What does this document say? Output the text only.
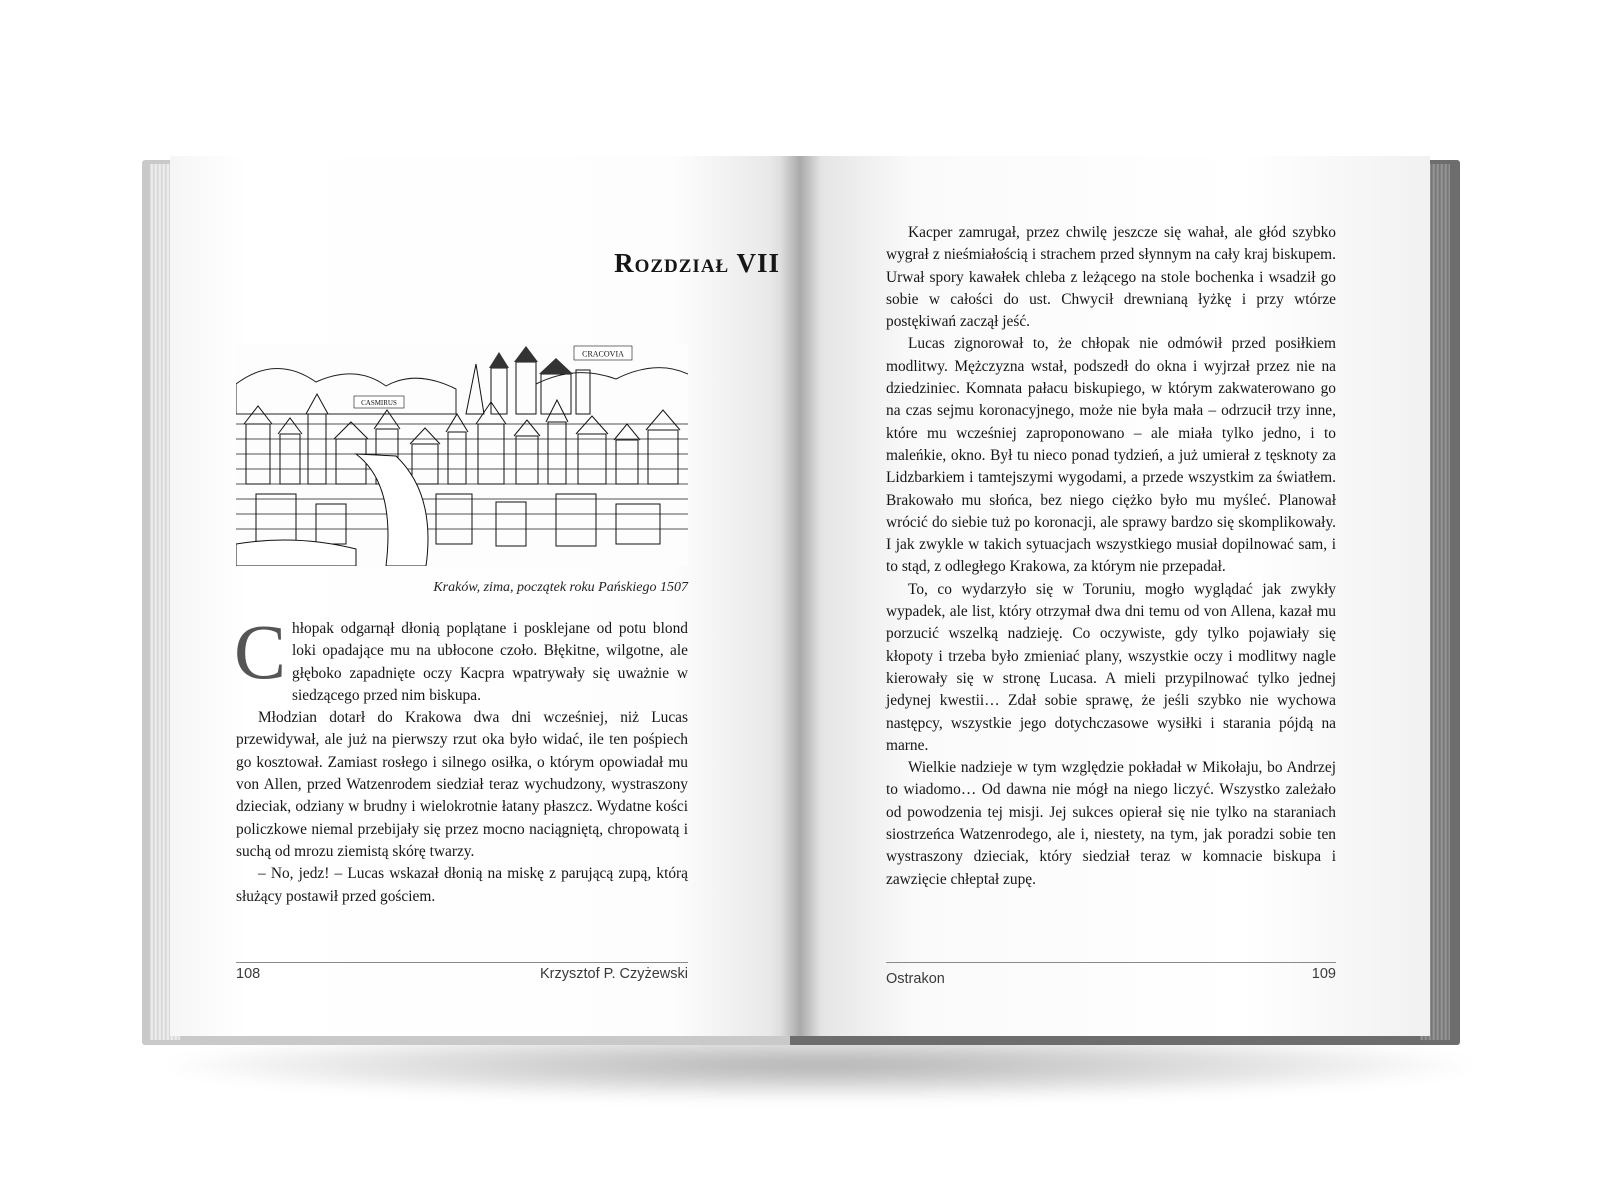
Rozdział VII
CRACOVIA
CASMIRUS
Kraków, zima, początek roku Pańskiego 1507

Chłopak odgarnął dłonią poplątane i posklejane od potu blond loki opadające mu na ubłocone czoło. Błękitne, wilgotne, ale głęboko zapadnięte oczy Kacpra wpatrywały się uważnie w siedzącego przed nim biskupa.

Młodzian dotarł do Krakowa dwa dni wcześniej, niż Lucas przewidywał, ale już na pierwszy rzut oka było widać, ile ten pośpiech go kosztował. Zamiast rosłego i silnego osiłka, o którym opowiadał mu von Allen, przed Watzenrodem siedział teraz wychudzony, wystraszony dzieciak, odziany w brudny i wielokrotnie łatany płaszcz. Wydatne kości policzkowe niemal przebijały się przez mocno naciągniętą, chropowatą i suchą od mrozu ziemistą skórę twarzy.

– No, jedz! – Lucas wskazał dłonią na miskę z parującą zupą, którą służący postawił przed gościem.

108	Krzysztof P. Czyżewski

Kacper zamrugał, przez chwilę jeszcze się wahał, ale głód szybko wygrał z nieśmiałością i strachem przed słynnym na cały kraj biskupem. Urwał spory kawałek chleba z leżącego na stole bochenka i wsadził go sobie w całości do ust. Chwycił drewnianą łyżkę i przy wtórze postękiwań zaczął jeść.

Lucas zignorował to, że chłopak nie odmówił przed posiłkiem modlitwy. Mężczyzna wstał, podszedł do okna i wyjrzał przez nie na dziedziniec. Komnata pałacu biskupiego, w którym zakwaterowano go na czas sejmu koronacyjnego, może nie była mała – odrzucił trzy inne, które mu wcześniej zaproponowano – ale miała tylko jedno, i to maleńkie, okno. Był tu nieco ponad tydzień, a już umierał z tęsknoty za Lidzbarkiem i tamtejszymi wygodami, a przede wszystkim za światłem. Brakowało mu słońca, bez niego ciężko było mu myśleć. Planował wrócić do siebie tuż po koronacji, ale sprawy bardzo się skomplikowały. I jak zwykle w takich sytuacjach wszystkiego musiał dopilnować sam, i to stąd, z odległego Krakowa, za którym nie przepadał.

To, co wydarzyło się w Toruniu, mogło wyglądać jak zwykły wypadek, ale list, który otrzymał dwa dni temu od von Allena, kazał mu porzucić wszelką nadzieję. Co oczywiste, gdy tylko pojawiały się kłopoty i trzeba było zmieniać plany, wszystkie oczy i modlitwy nagle kierowały się w stronę Lucasa. A mieli przypilnować tylko jednej jedynej kwestii… Zdał sobie sprawę, że jeśli szybko nie wychowa następcy, wszystkie jego dotychczasowe wysiłki i starania pójdą na marne.

Wielkie nadzieje w tym względzie pokładał w Mikołaju, bo Andrzej to wiadomo… Od dawna nie mógł na niego liczyć. Wszystko zależało od powodzenia tej misji. Jej sukces opierał się nie tylko na staraniach siostrzeńca Watzenrodego, ale i, niestety, na tym, jak poradzi sobie ten wystraszony dzieciak, który siedział teraz w komnacie biskupa i zawzięcie chłeptał zupę.

Ostrakon	109
